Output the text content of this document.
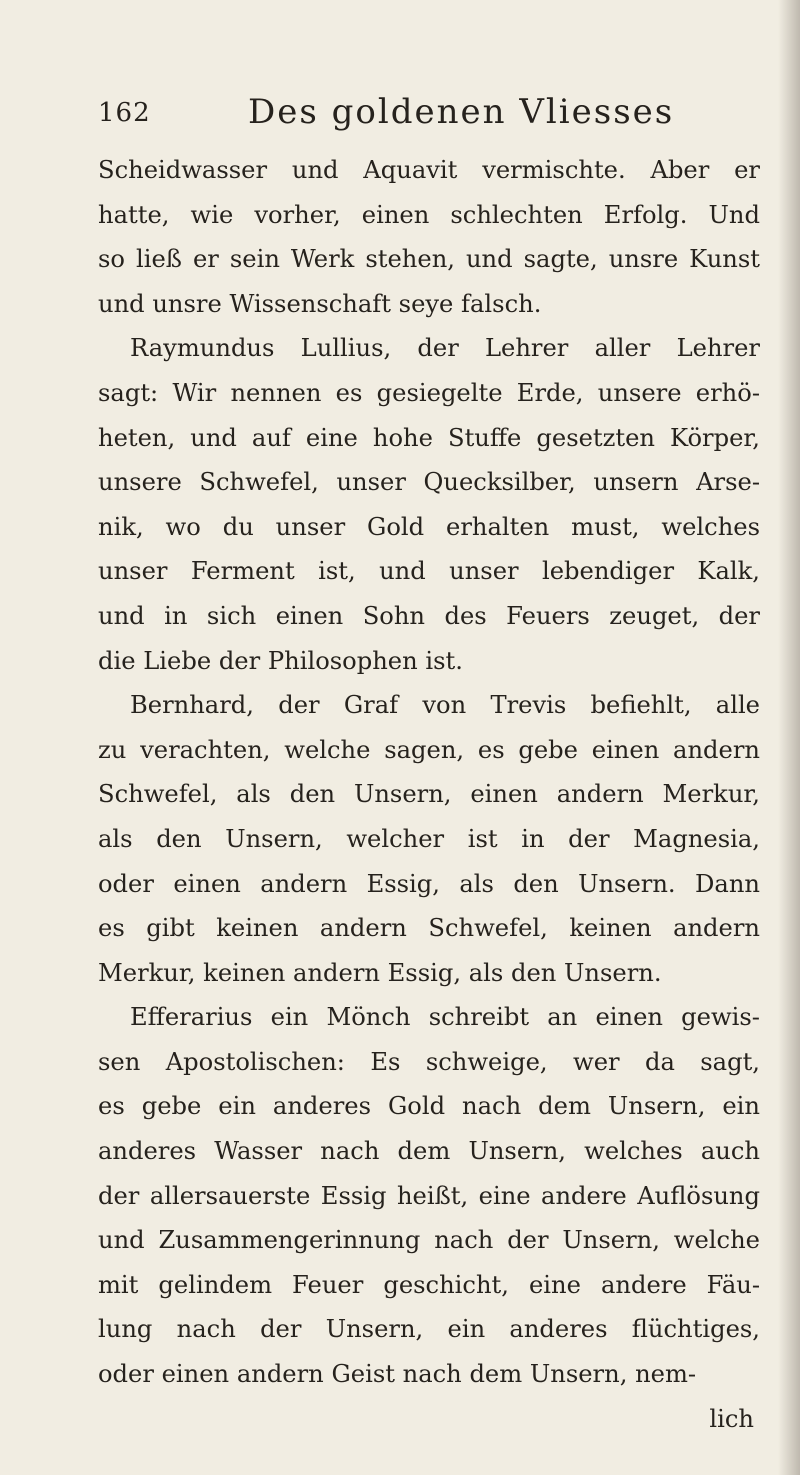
162	Des goldenen Vliesses
Scheidwasser und Aquavit vermischte. Aber er
hatte, wie vorher, einen schlechten Erfolg. Und
so ließ er sein Werk stehen, und sagte, unsre Kunst
und unsre Wissenschaft seye falsch.
Raymundus Lullius, der Lehrer aller Lehrer
sagt: Wir nennen es gesiegelte Erde, unsere erhö-
heten, und auf eine hohe Stuffe gesetzten Körper,
unsere Schwefel, unser Quecksilber, unsern Arse-
nik, wo du unser Gold erhalten must, welches
unser Ferment ist, und unser lebendiger Kalk,
und in sich einen Sohn des Feuers zeuget, der
die Liebe der Philosophen ist.
Bernhard, der Graf von Trevis befiehlt, alle
zu verachten, welche sagen, es gebe einen andern
Schwefel, als den Unsern, einen andern Merkur,
als den Unsern, welcher ist in der Magnesia,
oder einen andern Essig, als den Unsern. Dann
es gibt keinen andern Schwefel, keinen andern
Merkur, keinen andern Essig, als den Unsern.
Efferarius ein Mönch schreibt an einen gewis-
sen Apostolischen: Es schweige, wer da sagt,
es gebe ein anderes Gold nach dem Unsern, ein
anderes Wasser nach dem Unsern, welches auch
der allersauerste Essig heißt, eine andere Auflösung
und Zusammengerinnung nach der Unsern, welche
mit gelindem Feuer geschicht, eine andere Fäu-
lung nach der Unsern, ein anderes flüchtiges,
oder einen andern Geist nach dem Unsern, nem-
lich
